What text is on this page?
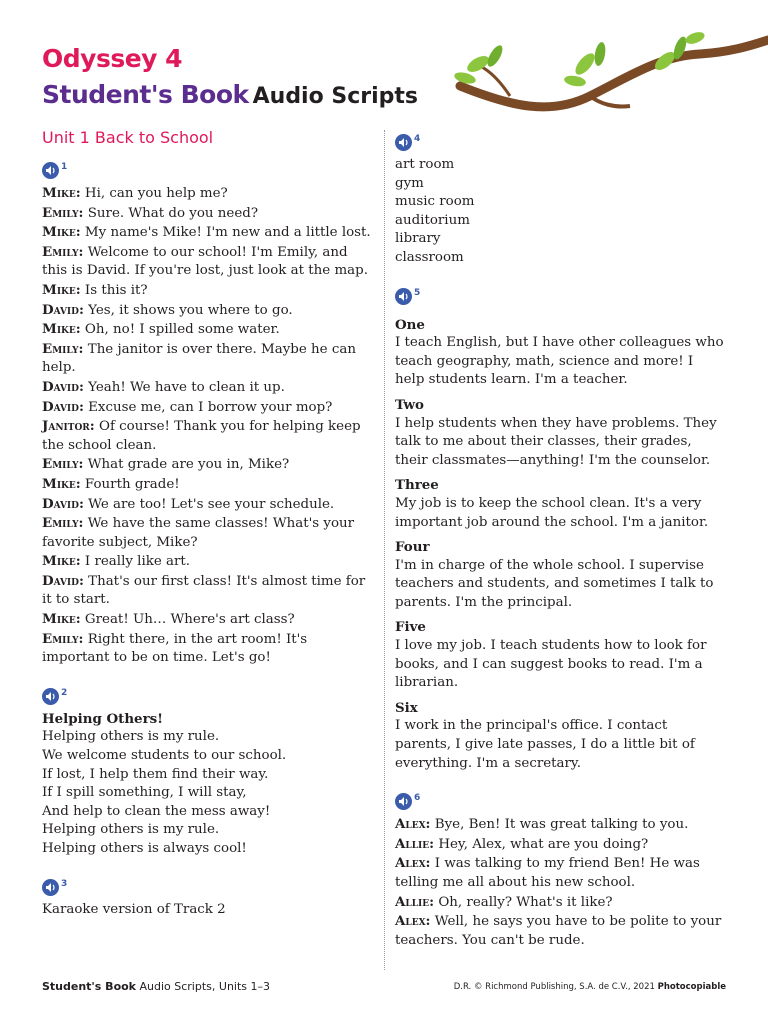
Odyssey 4
Student's Book Audio Scripts
Unit 1 Back to School
1
Mike: Hi, can you help me?
Emily: Sure. What do you need?
Mike: My name's Mike! I'm new and a little lost.
Emily: Welcome to our school! I'm Emily, and this is David. If you're lost, just look at the map.
Mike: Is this it?
David: Yes, it shows you where to go.
Mike: Oh, no! I spilled some water.
Emily: The janitor is over there. Maybe he can help.
David: Yeah! We have to clean it up.
David: Excuse me, can I borrow your mop?
Janitor: Of course! Thank you for helping keep the school clean.
Emily: What grade are you in, Mike?
Mike: Fourth grade!
David: We are too! Let's see your schedule.
Emily: We have the same classes! What's your favorite subject, Mike?
Mike: I really like art.
David: That's our first class! It's almost time for it to start.
Mike: Great! Uh… Where's art class?
Emily: Right there, in the art room! It's important to be on time. Let's go!
2
Helping Others!
Helping others is my rule.
We welcome students to our school.
If lost, I help them find their way.
If I spill something, I will stay,
And help to clean the mess away!
Helping others is my rule.
Helping others is always cool!
3
Karaoke version of Track 2
4
art room
gym
music room
auditorium
library
classroom
5
One
I teach English, but I have other colleagues who teach geography, math, science and more! I help students learn. I'm a teacher.
Two
I help students when they have problems. They talk to me about their classes, their grades, their classmates—anything! I'm the counselor.
Three
My job is to keep the school clean. It's a very important job around the school. I'm a janitor.
Four
I'm in charge of the whole school. I supervise teachers and students, and sometimes I talk to parents. I'm the principal.
Five
I love my job. I teach students how to look for books, and I can suggest books to read. I'm a librarian.
Six
I work in the principal's office. I contact parents, I give late passes, I do a little bit of everything. I'm a secretary.
6
Alex: Bye, Ben! It was great talking to you.
Allie: Hey, Alex, what are you doing?
Alex: I was talking to my friend Ben! He was telling me all about his new school.
Allie: Oh, really? What's it like?
Alex: Well, he says you have to be polite to your teachers. You can't be rude.
Student's Book Audio Scripts, Units 1–3	D.R. © Richmond Publishing, S.A. de C.V., 2021 Photocopiable
